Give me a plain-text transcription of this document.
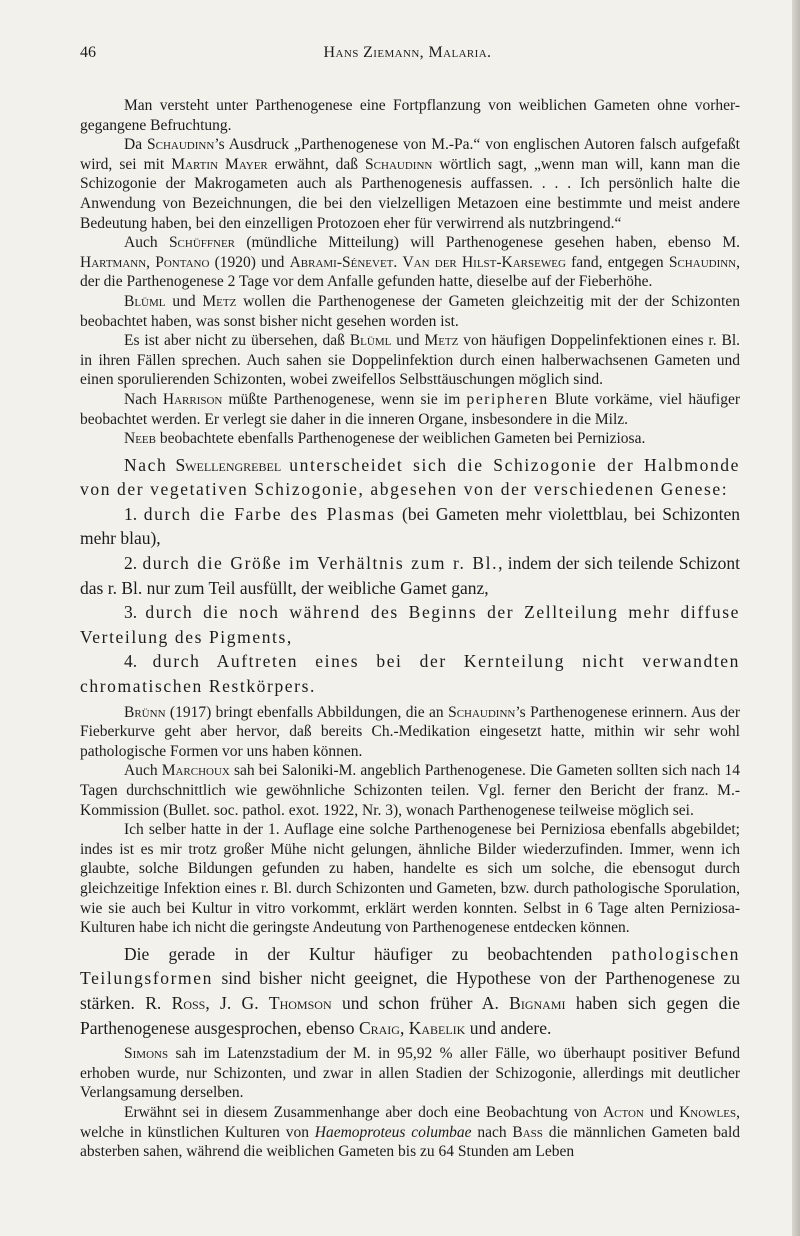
46	Hans Ziemann, Malaria.

Man versteht unter Parthenogenese eine Fortpflanzung von weiblichen Gameten ohne vorher-gegangene Befruchtung.

Da Schaudinn’s Ausdruck „Parthenogenese von M.-Pa.“ von englischen Autoren falsch aufgefaßt wird, sei mit Martin Mayer erwähnt, daß Schaudinn wörtlich sagt, „wenn man will, kann man die Schizogonie der Makrogameten auch als Parthenogenesis auffassen. . . . Ich persönlich halte die Anwendung von Bezeichnungen, die bei den vielzelligen Metazoen eine bestimmte und meist andere Bedeutung haben, bei den einzelligen Protozoen eher für verwirrend als nutzbringend.“

Auch Schüffner (mündliche Mitteilung) will Parthenogenese gesehen haben, ebenso M. Hartmann, Pontano (1920) und Abrami-Sénevet. Van der Hilst-Karseweg fand, entgegen Schaudinn, der die Parthenogenese 2 Tage vor dem Anfalle gefunden hatte, dieselbe auf der Fieberhöhe.

Blüml und Metz wollen die Parthenogenese der Gameten gleichzeitig mit der der Schizonten beobachtet haben, was sonst bisher nicht gesehen worden ist.

Es ist aber nicht zu übersehen, daß Blüml und Metz von häufigen Doppelinfektionen eines r. Bl. in ihren Fällen sprechen. Auch sahen sie Doppelinfektion durch einen halberwachsenen Gameten und einen sporulierenden Schizonten, wobei zweifellos Selbsttäuschungen möglich sind.

Nach Harrison müßte Parthenogenese, wenn sie im peripheren Blute vorkäme, viel häufiger beobachtet werden. Er verlegt sie daher in die inneren Organe, insbesondere in die Milz.

Neeb beobachtete ebenfalls Parthenogenese der weiblichen Gameten bei Perniziosa.

Nach Swellengrebel unterscheidet sich die Schizogonie der Halbmonde von der vegetativen Schizogonie, abgesehen von der verschiedenen Genese:

1. durch die Farbe des Plasmas (bei Gameten mehr violettblau, bei Schizonten mehr blau),

2. durch die Größe im Verhältnis zum r. Bl., indem der sich teilende Schizont das r. Bl. nur zum Teil ausfüllt, der weibliche Gamet ganz,

3. durch die noch während des Beginns der Zellteilung mehr diffuse Verteilung des Pigments,

4. durch Auftreten eines bei der Kernteilung nicht verwandten chromatischen Restkörpers.

Brünn (1917) bringt ebenfalls Abbildungen, die an Schaudinn’s Parthenogenese erinnern. Aus der Fieberkurve geht aber hervor, daß bereits Ch.-Medikation eingesetzt hatte, mithin wir sehr wohl pathologische Formen vor uns haben können.

Auch Marchoux sah bei Saloniki-M. angeblich Parthenogenese. Die Gameten sollten sich nach 14 Tagen durchschnittlich wie gewöhnliche Schizonten teilen. Vgl. ferner den Bericht der franz. M.-Kommission (Bullet. soc. pathol. exot. 1922, Nr. 3), wonach Parthenogenese teilweise möglich sei.

Ich selber hatte in der 1. Auflage eine solche Parthenogenese bei Perniziosa ebenfalls abgebildet; indes ist es mir trotz großer Mühe nicht gelungen, ähnliche Bilder wiederzufinden. Immer, wenn ich glaubte, solche Bildungen gefunden zu haben, handelte es sich um solche, die ebensogut durch gleichzeitige Infektion eines r. Bl. durch Schizonten und Gameten, bzw. durch pathologische Sporulation, wie sie auch bei Kultur in vitro vorkommt, erklärt werden konnten. Selbst in 6 Tage alten Perniziosa-Kulturen habe ich nicht die geringste Andeutung von Parthenogenese entdecken können.

Die gerade in der Kultur häufiger zu beobachtenden pathologischen Teilungsformen sind bisher nicht geeignet, die Hypothese von der Parthenogenese zu stärken. R. Ross, J. G. Thomson und schon früher A. Bignami haben sich gegen die Parthenogenese ausgesprochen, ebenso Craig, Kabelik und andere.

Simons sah im Latenzstadium der M. in 95,92 % aller Fälle, wo überhaupt positiver Befund erhoben wurde, nur Schizonten, und zwar in allen Stadien der Schizogonie, allerdings mit deutlicher Verlangsamung derselben.

Erwähnt sei in diesem Zusammenhange aber doch eine Beobachtung von Acton und Knowles, welche in künstlichen Kulturen von Haemoproteus columbae nach Bass die männlichen Gameten bald absterben sahen, während die weiblichen Gameten bis zu 64 Stunden am Leben
